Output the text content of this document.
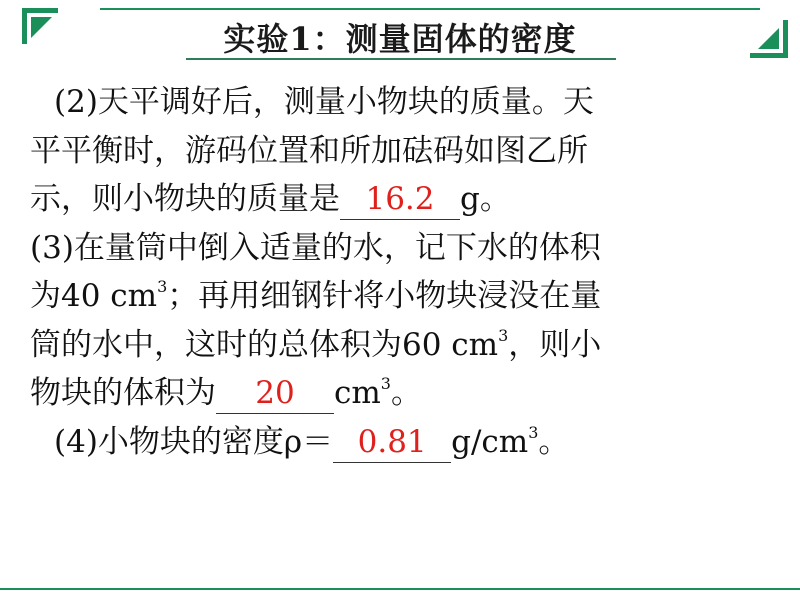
实验1：测量固体的密度
(2)天平调好后，测量小物块的质量。天
平平衡时，游码位置和所加砝码如图乙所
示，则小物块的质量是 16.2 g。
(3)在量筒中倒入适量的水，记下水的体积
为40 $cm^3$；再用细钢针将小物块浸没在量
筒的水中，这时的总体积为60 $cm^3$，则小
物块的体积为 20 $cm^3$。
(4)小物块的密度ρ＝ 0.81 $g/cm^3$。
